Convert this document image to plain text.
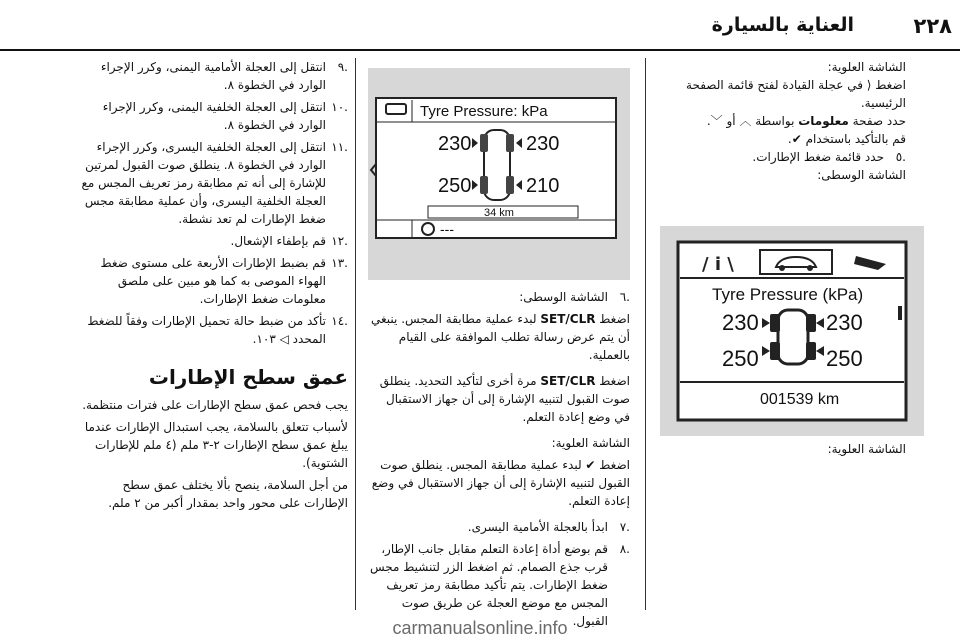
٢٢٨
العناية بالسيارة

الشاشة العلوية:

اضغط ⟨ في عجلة القيادة لفتح قائمة الصفحة الرئيسية.

حدد صفحة معلومات بواسطة ︿ أو ﹀.

قم بالتأكيد باستخدام ✔.

.٥
حدد قائمة ضغط الإطارات.

الشاشة الوسطى:

الشاشة العلوية:

/ i \
Tyre Pressure (kPa)
230	230
250	250
001539 km
Tyre Pressure: kPa
230	230
250	210
34 km
---
.٦
الشاشة الوسطى:

اضغط SET/CLR لبدء عملية مطابقة المجس. ينبغي أن يتم عرض رسالة تطلب الموافقة على القيام بالعملية.

اضغط SET/CLR مرة أخرى لتأكيد التحديد. ينطلق صوت القبول لتنبيه الإشارة إلى أن جهاز الاستقبال في وضع إعادة التعلم.

الشاشة العلوية:

اضغط ✔ لبدء عملية مطابقة المجس. ينطلق صوت القبول لتنبيه الإشارة إلى أن جهاز الاستقبال في وضع إعادة التعلم.

.٧
ابدأ بالعجلة الأمامية اليسرى.
.٨
قم بوضع أداة إعادة التعلم مقابل جانب الإطار، قرب جذع الصمام. ثم اضغط الزر لتنشيط مجس ضغط الإطارات. يتم تأكيد مطابقة رمز تعريف المجس مع موضع العجلة عن طريق صوت القبول.
.٩
انتقل إلى العجلة الأمامية اليمنى، وكرر الإجراء الوارد في الخطوة ٨.
.١٠
انتقل إلى العجلة الخلفية اليمنى، وكرر الإجراء الوارد في الخطوة ٨.
.١١
انتقل إلى العجلة الخلفية اليسرى، وكرر الإجراء الوارد في الخطوة ٨. ينطلق صوت القبول لمرتين للإشارة إلى أنه تم مطابقة رمز تعريف المجس مع العجلة الخلفية اليسرى، وأن عملية مطابقة مجس ضغط الإطارات لم تعد نشطة.
.١٢
قم بإطفاء الإشعال.
.١٣
قم بضبط الإطارات الأربعة على مستوى ضغط الهواء الموصى به كما هو مبين على ملصق معلومات ضغط الإطارات.
.١٤
تأكد من ضبط حالة تحميل الإطارات وفقاً للضغط المحدد ◁ ١٠٣.
عمق سطح الإطارات

يجب فحص عمق سطح الإطارات على فترات منتظمة.

لأسباب تتعلق بالسلامة، يجب استبدال الإطارات عندما يبلغ عمق سطح الإطارات ٢-٣ ملم (٤ ملم للإطارات الشتوية).

من أجل السلامة، ينصح بألا يختلف عمق سطح الإطارات على محور واحد بمقدار أكبر من ٢ ملم.

carmanualsonline.info
